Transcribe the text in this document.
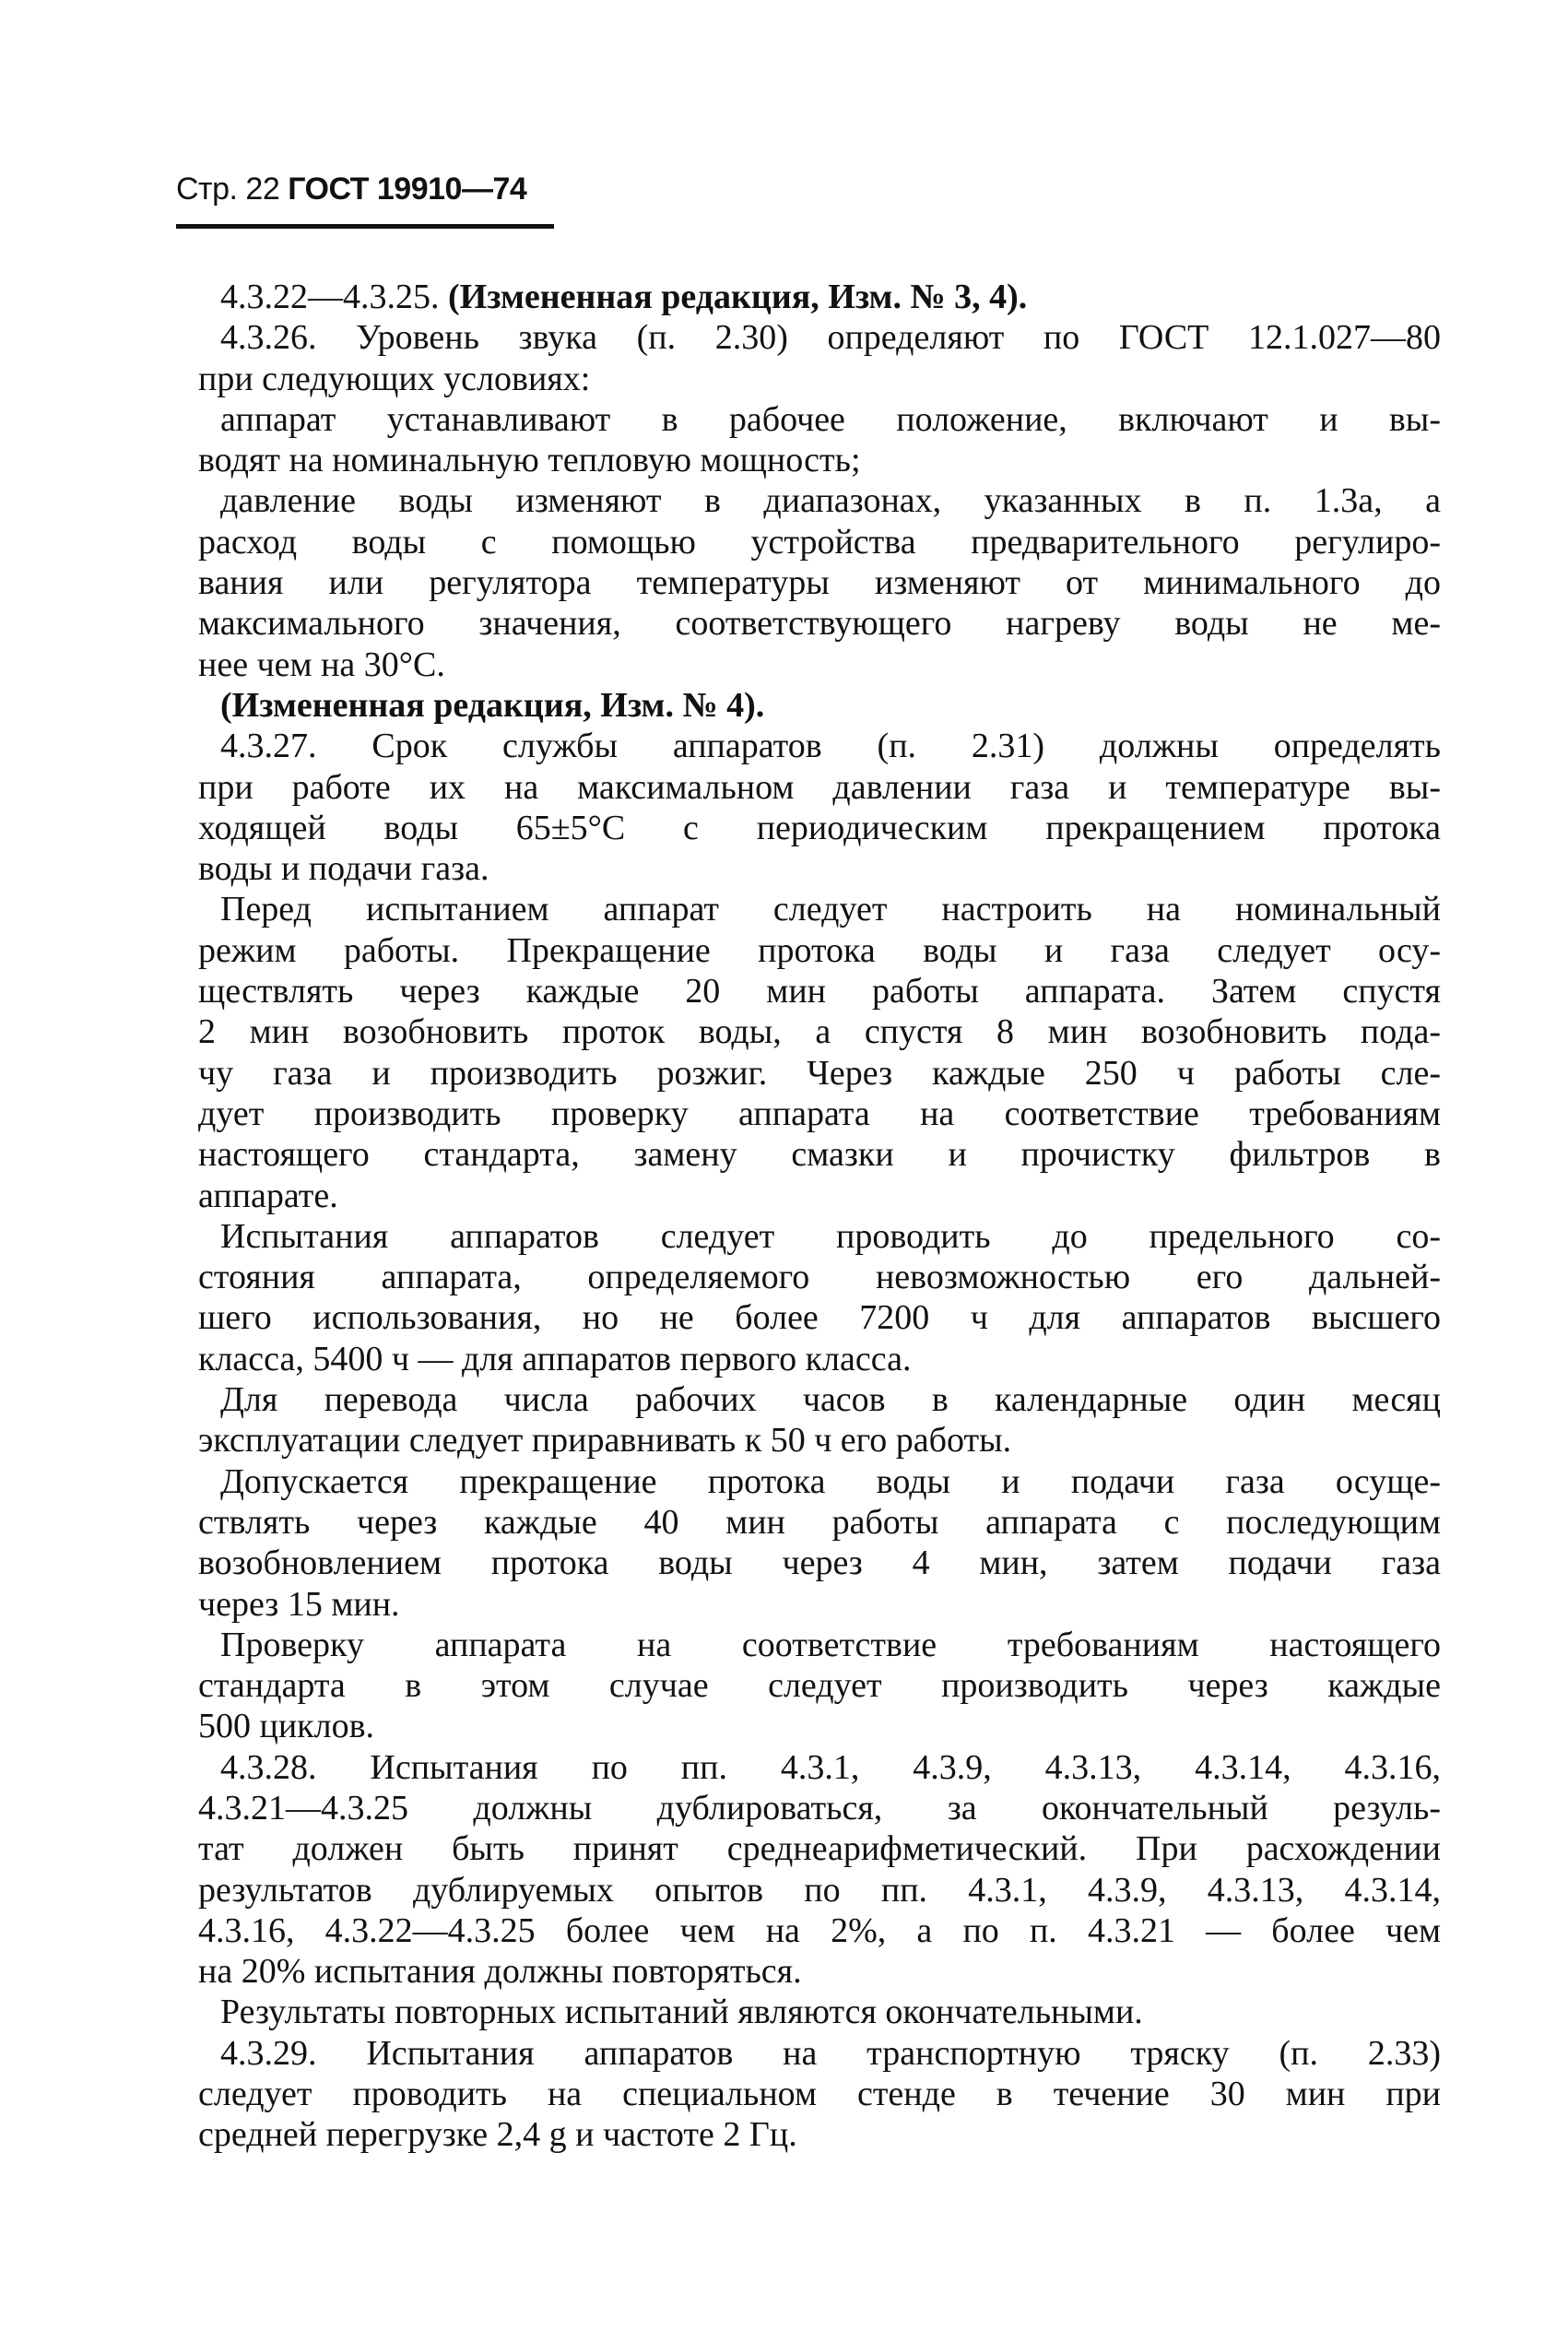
Стр. 22 ГОСТ 19910—74
4.3.22—4.3.25. (Измененная редакция, Изм. № 3, 4).
4.3.26. Уровень звука (п. 2.30) определяют по ГОСТ 12.1.027—80
при следующих условиях:
аппарат устанавливают в рабочее положение, включают и вы-
водят на номинальную тепловую мощность;
давление воды изменяют в диапазонах, указанных в п. 1.3а, а
расход воды с помощью устройства предварительного регулиро-
вания или регулятора температуры изменяют от минимального до
максимального значения, соответствующего нагреву воды не ме-
нее чем на 30°С.
(Измененная редакция, Изм. № 4).
4.3.27. Срок службы аппаратов (п. 2.31) должны определять
при работе их на максимальном давлении газа и температуре вы-
ходящей воды 65±5°С с периодическим прекращением протока
воды и подачи газа.
Перед испытанием аппарат следует настроить на номинальный
режим работы. Прекращение протока воды и газа следует осу-
ществлять через каждые 20 мин работы аппарата. Затем спустя
2 мин возобновить проток воды, а спустя 8 мин возобновить пода-
чу газа и производить розжиг. Через каждые 250 ч работы сле-
дует производить проверку аппарата на соответствие требованиям
настоящего стандарта, замену смазки и прочистку фильтров в
аппарате.
Испытания аппаратов следует проводить до предельного со-
стояния аппарата, определяемого невозможностью его дальней-
шего использования, но не более 7200 ч для аппаратов высшего
класса, 5400 ч — для аппаратов первого класса.
Для перевода числа рабочих часов в календарные один месяц
эксплуатации следует приравнивать к 50 ч его работы.
Допускается прекращение протока воды и подачи газа осуще-
ствлять через каждые 40 мин работы аппарата с последующим
возобновлением протока воды через 4 мин, затем подачи газа
через 15 мин.
Проверку аппарата на соответствие требованиям настоящего
стандарта в этом случае следует производить через каждые
500 циклов.
4.3.28. Испытания по пп. 4.3.1, 4.3.9, 4.3.13, 4.3.14, 4.3.16,
4.3.21—4.3.25 должны дублироваться, за окончательный резуль-
тат должен быть принят среднеарифметический. При расхождении
результатов дублируемых опытов по пп. 4.3.1, 4.3.9, 4.3.13, 4.3.14,
4.3.16, 4.3.22—4.3.25 более чем на 2%, а по п. 4.3.21 — более чем
на 20% испытания должны повторяться.
Результаты повторных испытаний являются окончательными.
4.3.29. Испытания аппаратов на транспортную тряску (п. 2.33)
следует проводить на специальном стенде в течение 30 мин при
средней перегрузке 2,4 g и частоте 2 Гц.
